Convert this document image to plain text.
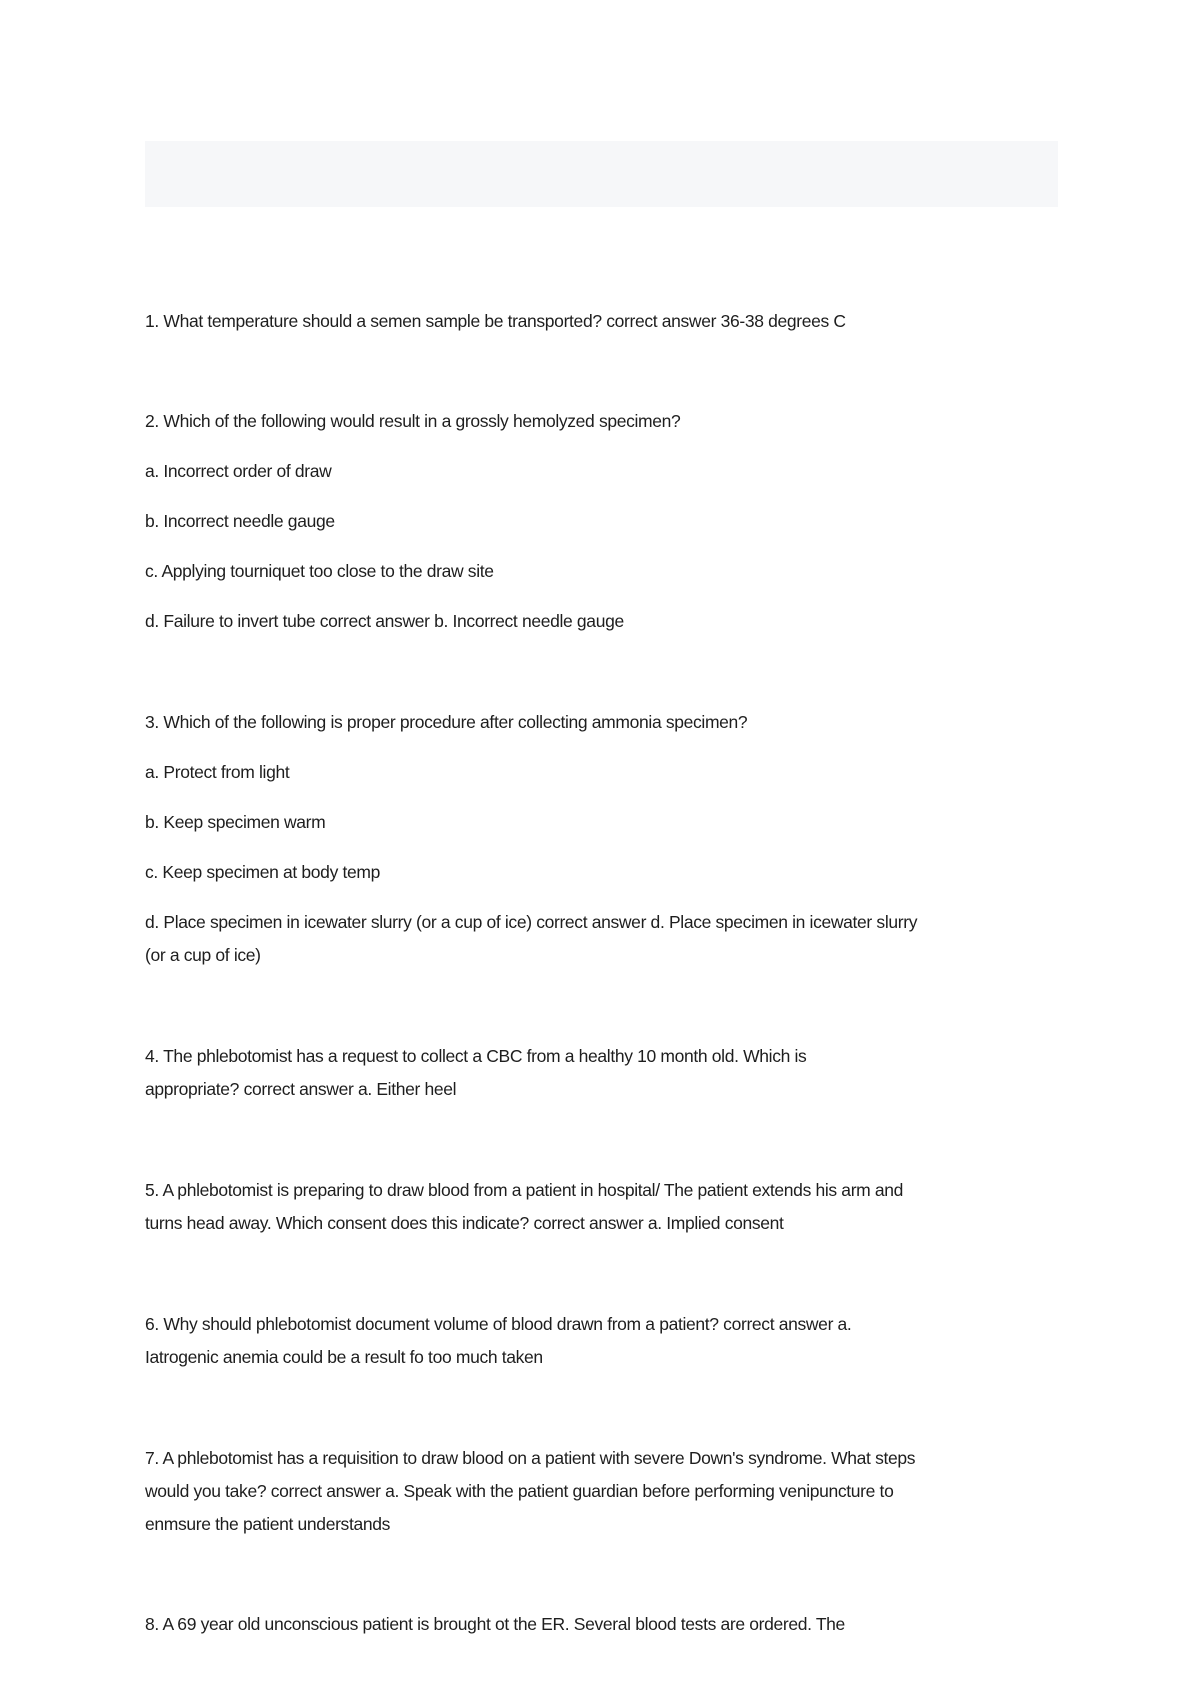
1. What temperature should a semen sample be transported? correct answer 36-38 degrees C
2. Which of the following would result in a grossly hemolyzed specimen?
a. Incorrect order of draw
b. Incorrect needle gauge
c. Applying tourniquet too close to the draw site
d. Failure to invert tube correct answer b. Incorrect needle gauge
3. Which of the following is proper procedure after collecting ammonia specimen?
a. Protect from light
b. Keep specimen warm
c. Keep specimen at body temp
d. Place specimen in icewater slurry (or a cup of ice) correct answer d. Place specimen in icewater slurry
(or a cup of ice)
4. The phlebotomist has a request to collect a CBC from a healthy 10 month old. Which is
appropriate? correct answer a. Either heel
5. A phlebotomist is preparing to draw blood from a patient in hospital/ The patient extends his arm and
turns head away. Which consent does this indicate? correct answer a. Implied consent
6. Why should phlebotomist document volume of blood drawn from a patient? correct answer a.
Iatrogenic anemia could be a result fo too much taken
7. A phlebotomist has a requisition to draw blood on a patient with severe Down's syndrome. What steps
would you take? correct answer a. Speak with the patient guardian before performing venipuncture to
enmsure the patient understands
8. A 69 year old unconscious patient is brought ot the ER. Several blood tests are ordered. The
